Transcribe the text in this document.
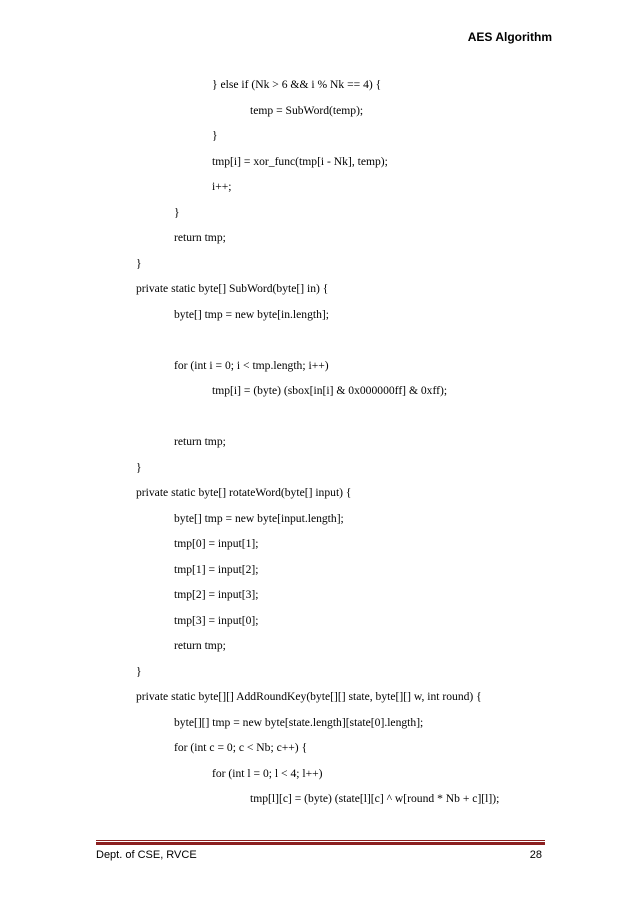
AES Algorithm
} else if (Nk > 6 && i % Nk == 4) {
temp = SubWord(temp);
}
tmp[i] = xor_func(tmp[i - Nk], temp);
i++;
}
return tmp;
}
private static byte[] SubWord(byte[] in) {
byte[] tmp = new byte[in.length];
for (int i = 0; i < tmp.length; i++)
tmp[i] = (byte) (sbox[in[i] & 0x000000ff] & 0xff);
return tmp;
}
private static byte[] rotateWord(byte[] input) {
byte[] tmp = new byte[input.length];
tmp[0] = input[1];
tmp[1] = input[2];
tmp[2] = input[3];
tmp[3] = input[0];
return tmp;
}
private static byte[][] AddRoundKey(byte[][] state, byte[][] w, int round) {
byte[][] tmp = new byte[state.length][state[0].length];
for (int c = 0; c < Nb; c++) {
for (int l = 0; l < 4; l++)
tmp[l][c] = (byte) (state[l][c] ^ w[round * Nb + c][l]);
Dept. of CSE, RVCE	28
